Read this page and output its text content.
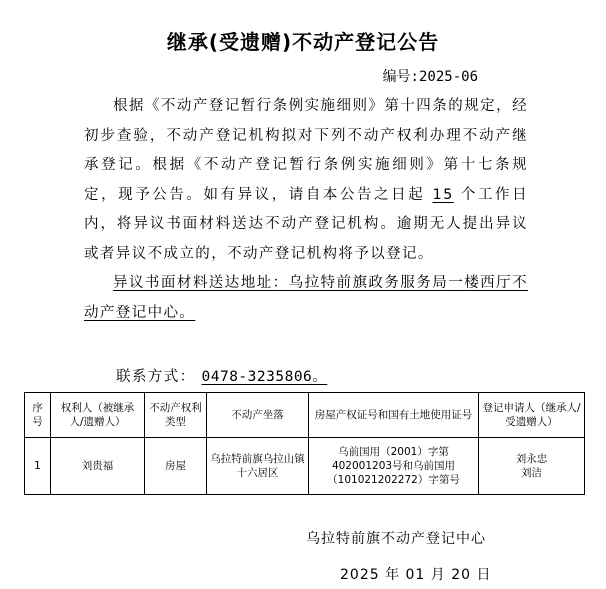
继承(受遗赠)不动产登记公告
编号:2025-06

根据《不动产登记暂行条例实施细则》第十四条的规定，经初步查验，不动产登记机构拟对下列不动产权利办理不动产继承登记。根据《不动产登记暂行条例实施细则》第十七条规定，现予公告。如有异议，请自本公告之日起 15 个工作日内，将异议书面材料送达不动产登记机构。逾期无人提出异议或者异议不成立的，不动产登记机构将予以登记。

异议书面材料送达地址：乌拉特前旗政务服务局一楼西厅不动产登记中心。

联系方式： 0478-3235806。
序号	权利人（被继承人/遗赠人）	不动产权利类型	不动产坐落	房屋产权证号和国有土地使用证号	登记申请人（继承人/受遗赠人）
1	刘贵福	房屋	乌拉特前旗乌拉山镇十六居区	乌前国用（2001）字第402001203号和乌前国用（101021202272）字第号	刘永忠
刘洁
乌拉特前旗不动产登记中心
2025 年 01 月 20 日
